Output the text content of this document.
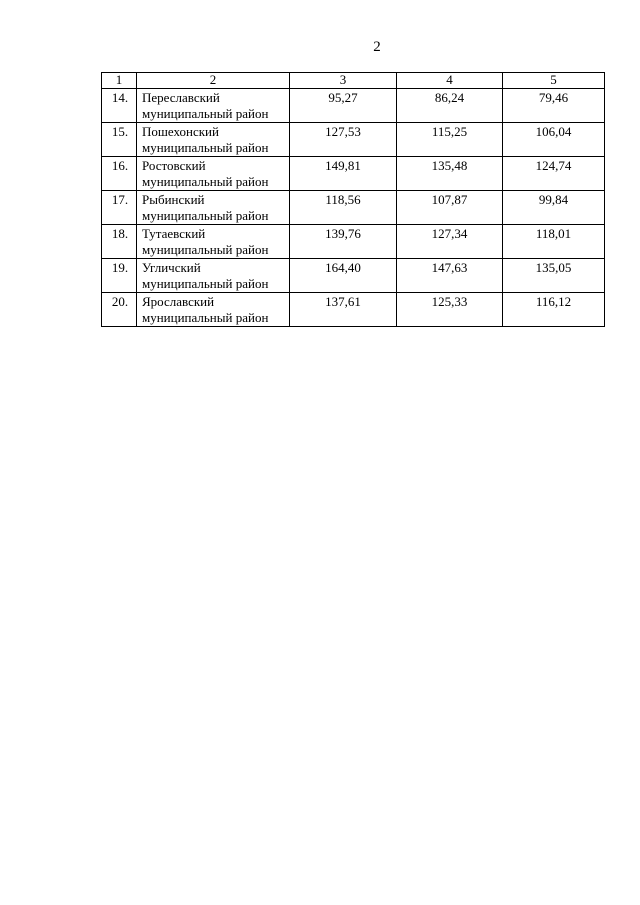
2
1	2	3	4	5

14.	Переславский муниципальный район	95,27	86,24	79,46

15.	Пошехонский муниципальный район	127,53	115,25	106,04

16.	Ростовский муниципальный район	149,81	135,48	124,74

17.	Рыбинский муниципальный район	118,56	107,87	99,84

18.	Тутаевский муниципальный район	139,76	127,34	118,01

19.	Угличский муниципальный район	164,40	147,63	135,05

20.	Ярославский муниципальный район	137,61	125,33	116,12
